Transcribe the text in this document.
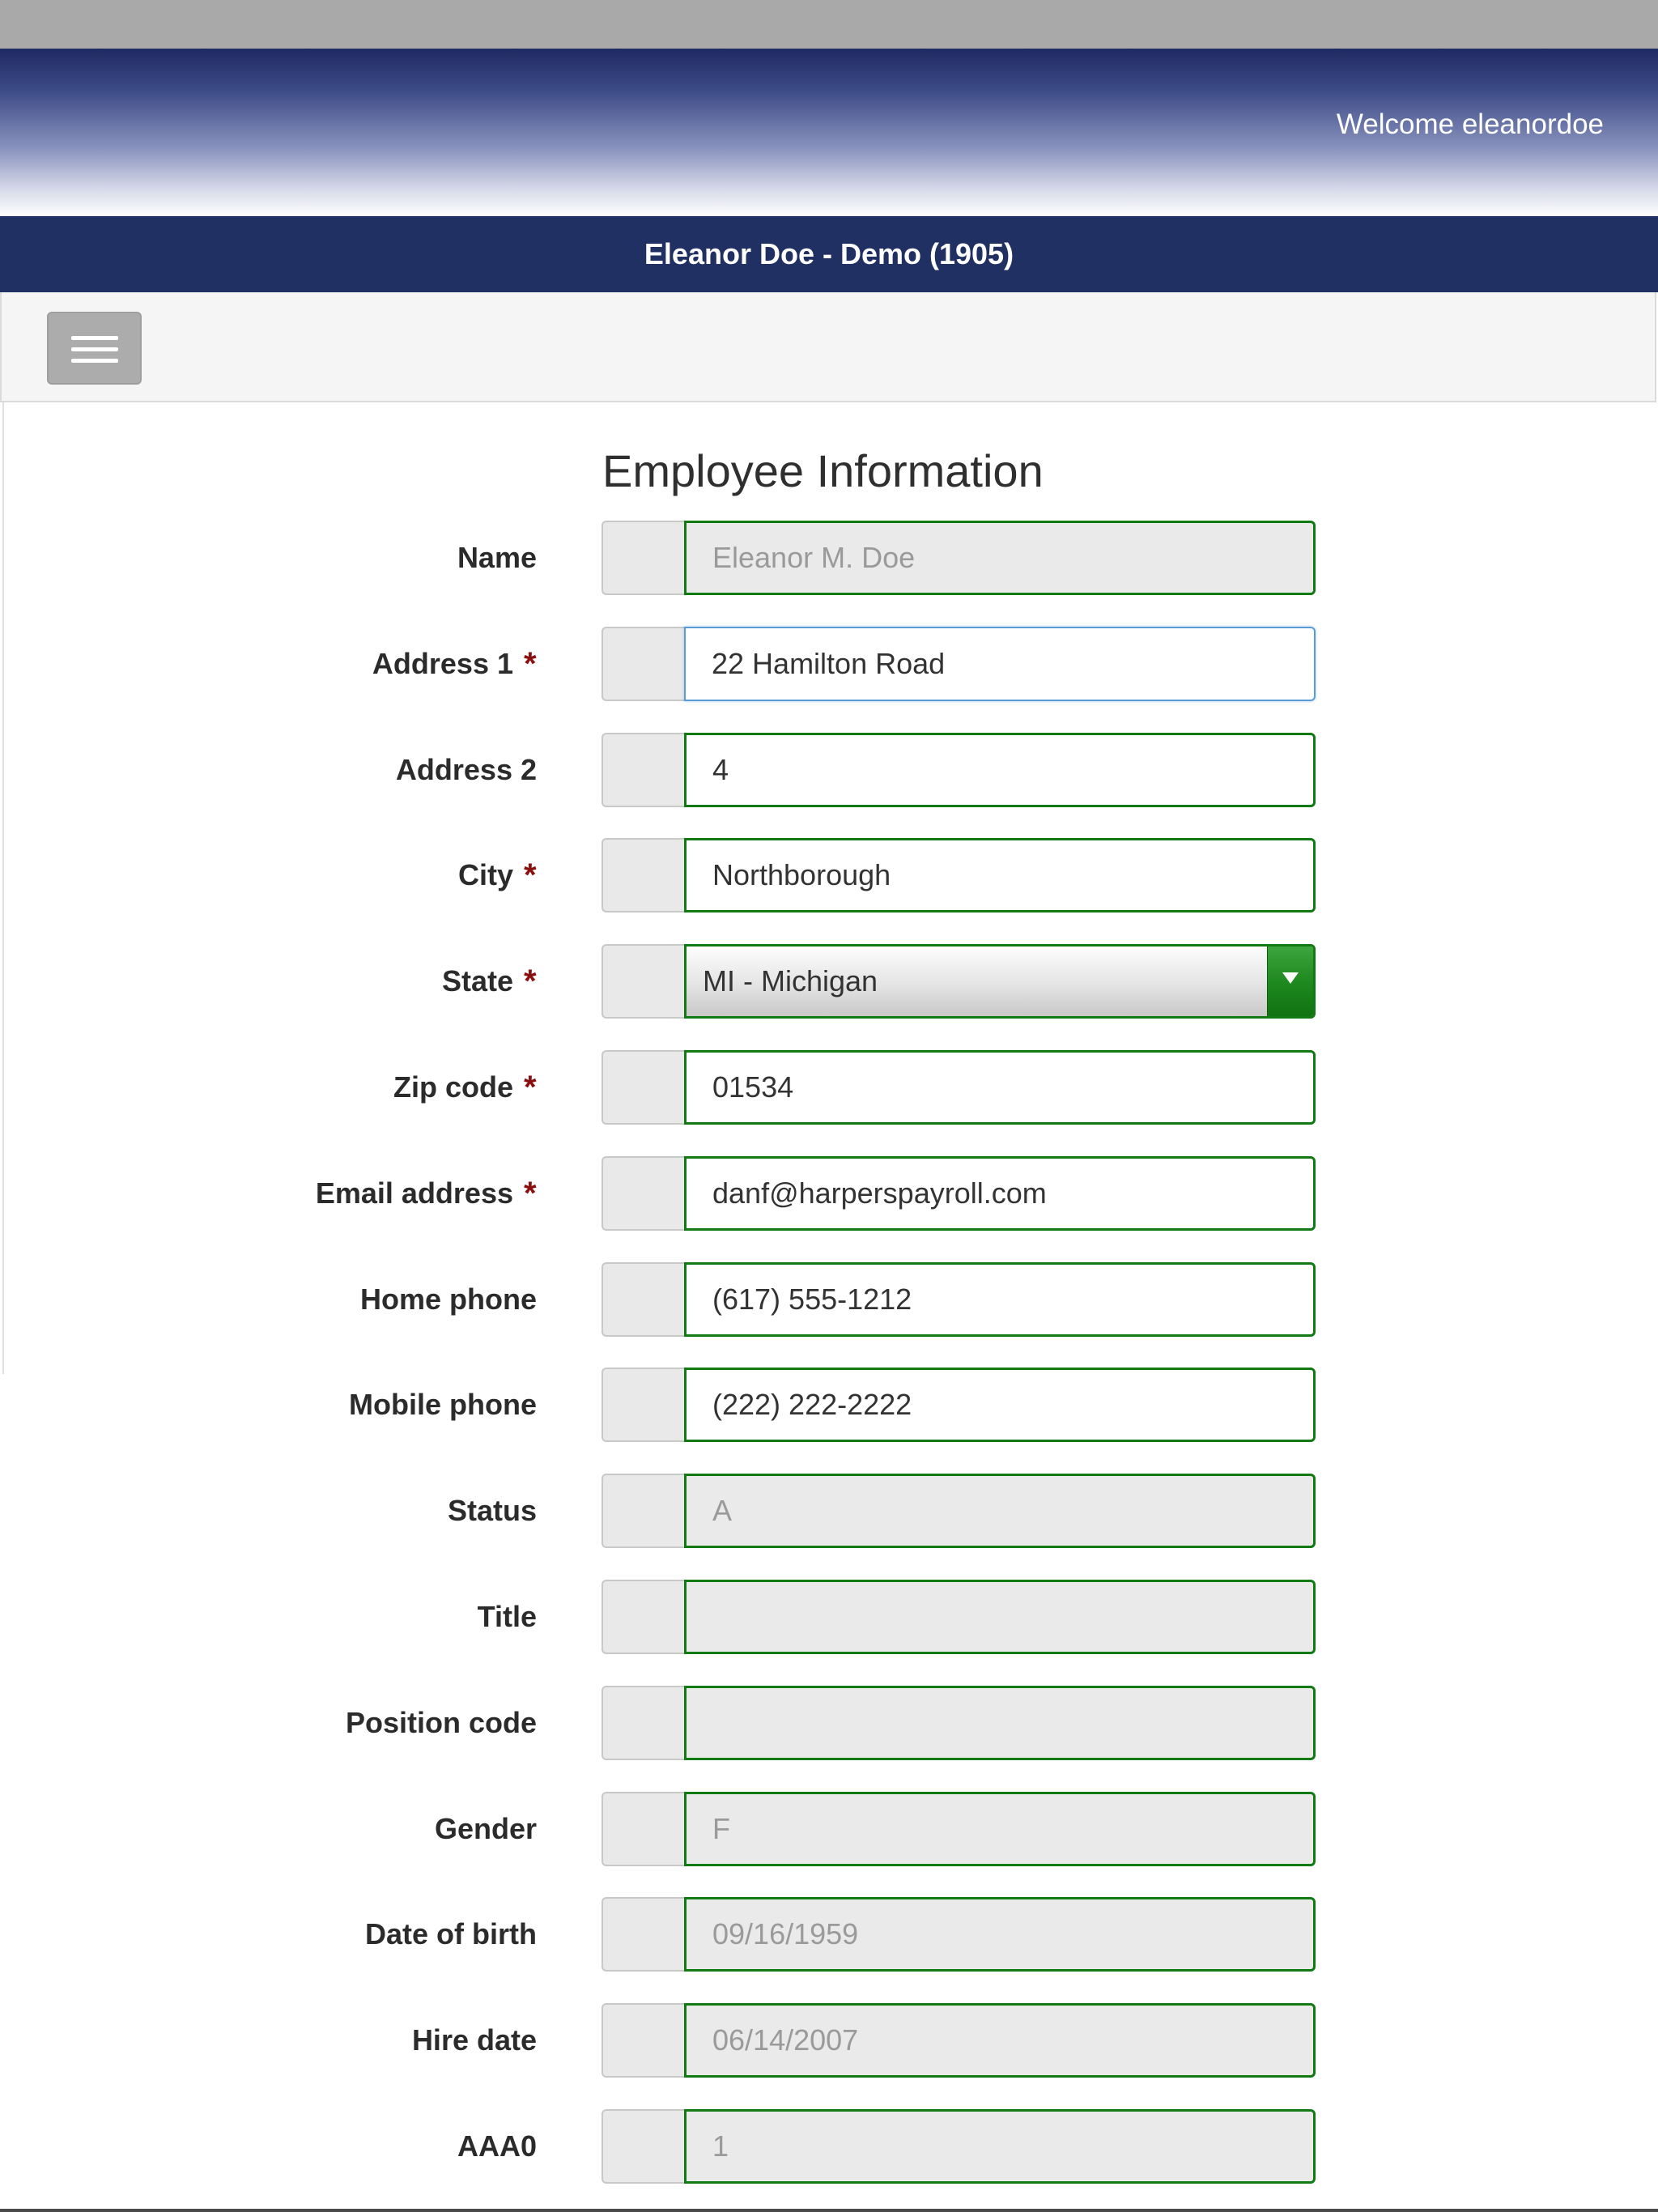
Welcome eleanordoe
Eleanor Doe - Demo (1905)
Employee Information
Name
Eleanor M. Doe
Address 1 *
22 Hamilton Road
Address 2
4
City *
Northborough
State *	MI - Michigan
Zip code *
01534
Email address *
danf@harperspayroll.com
Home phone
(617) 555-1212
Mobile phone
(222) 222-2222
Status
A
Title
Position code
Gender
F
Date of birth
09/16/1959
Hire date
06/14/2007
AAA0
1
